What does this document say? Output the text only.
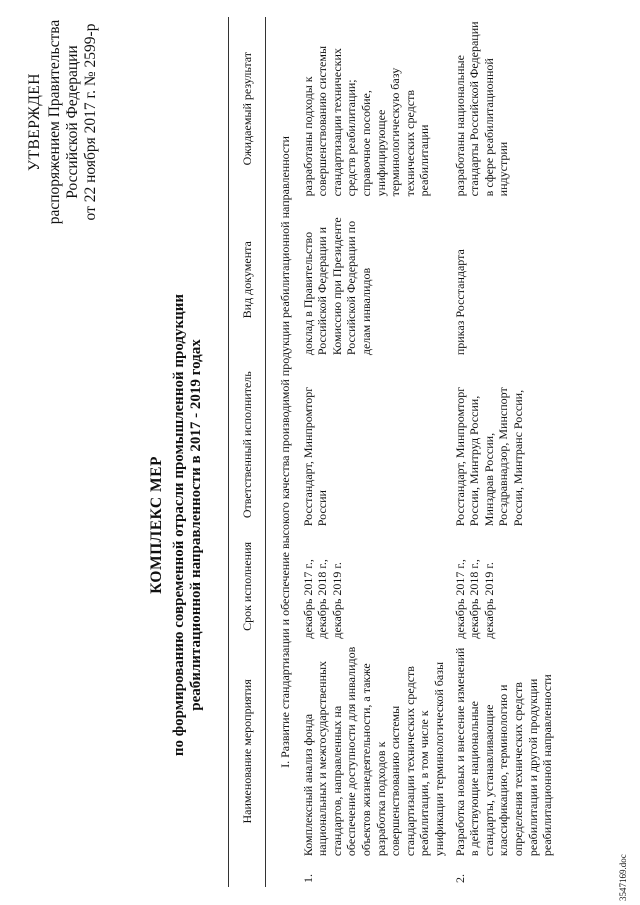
УТВЕРЖДЕН распоряжением Правительства Российской Федерации от 22 ноября 2017 г. № 2599-р
КОМПЛЕКС МЕР по формированию современной отрасли промышленной продукции реабилитационной направленности в 2017 - 2019 годах
	Наименование мероприятия	Срок исполнения	Ответственный исполнитель	Вид документа	Ожидаемый результат
I. Развитие стандартизации и обеспечение высокого качества производимой продукции реабилитационной направленности					
1.	Комплексный анализ фонда национальных и межгосударственных стандартов, направленных на обеспечение доступности для инвалидов объектов жизнедеятельности, а также разработка подходов к совершенствованию системы стандартизации технических средств реабилитации, в том числе к унификации терминологической базы	декабрь 2017 г., декабрь 2018 г., декабрь 2019 г.	Росстандарт, Минпромторг России	доклад в Правительство Российской Федерации и Комиссию при Президенте Российской Федерации по делам инвалидов	разработаны подходы к совершенствованию системы стандартизации технических средств реабилитации; справочное пособие, унифицирующее терминологическую базу технических средств реабилитации
2.	Разработка новых и внесение изменений в действующие национальные стандарты, устанавливающие классификацию, терминологию и определения технических средств реабилитации и другой продукции реабилитационной направленности	декабрь 2017 г., декабрь 2018 г., декабрь 2019 г.	Росстандарт, Минпромторг России, Минтруд России, Минздрав России, Росздравнадзор, Минспорт России, Минтранс России,	приказ Росстандарта	разработаны национальные стандарты Российской Федерации в сфере реабилитационной индустрии
3547169.doc
